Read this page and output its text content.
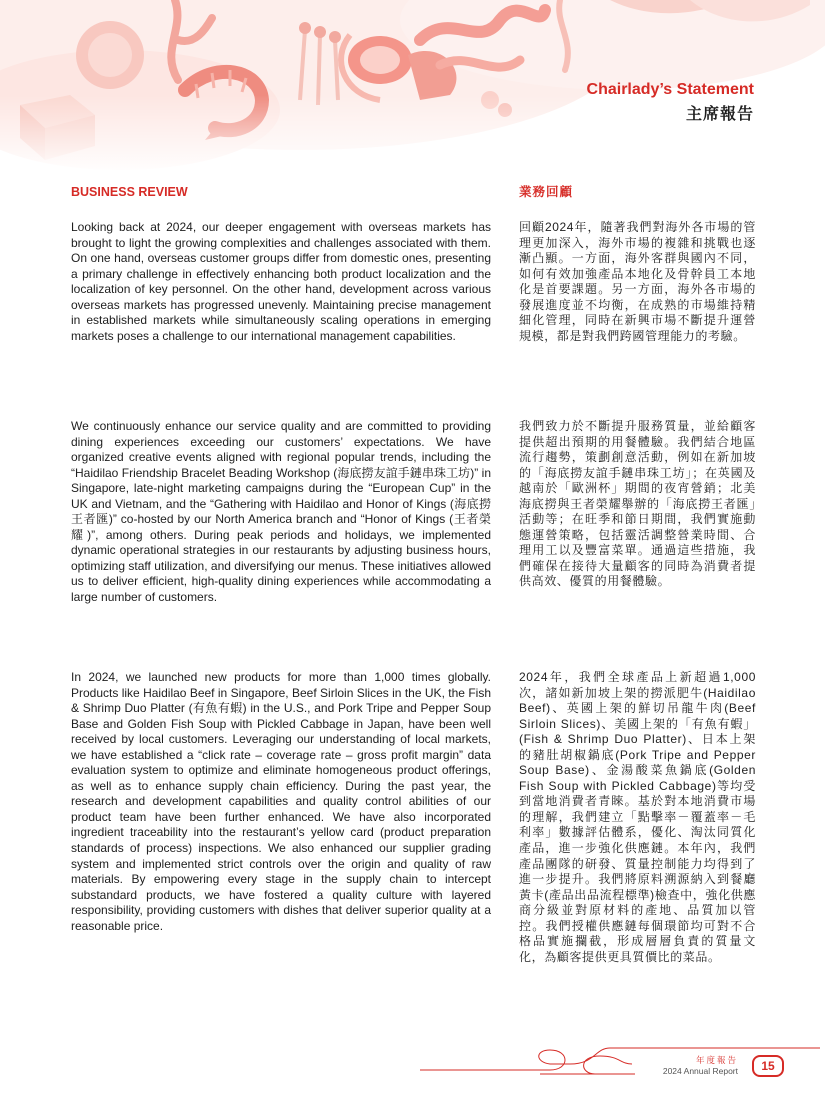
Chairlady’s Statement
主席報告
BUSINESS REVIEW

Looking back at 2024, our deeper engagement with overseas markets has brought to light the growing complexities and challenges associated with them. On one hand, overseas customer groups differ from domestic ones, presenting a primary challenge in effectively enhancing both product localization and the localization of key personnel. On the other hand, development across various overseas markets has progressed unevenly. Maintaining precise management in established markets while simultaneously scaling operations in emerging markets poses a challenge to our international management capabilities.

We continuously enhance our service quality and are committed to providing dining experiences exceeding our customers’ expectations. We have organized creative events aligned with regional popular trends, including the “Haidilao Friendship Bracelet Beading Workshop (海底撈友誼手鏈串珠工坊)” in Singapore, late-night marketing campaigns during the “European Cup” in the UK and Vietnam, and the “Gathering with Haidilao and Honor of Kings (海底撈王者匯)” co-hosted by our North America branch and “Honor of Kings (王者榮耀)”, among others. During peak periods and holidays, we implemented dynamic operational strategies in our restaurants by adjusting business hours, optimizing staff utilization, and diversifying our menus. These initiatives allowed us to deliver efficient, high-quality dining experiences while accommodating a large number of customers.

In 2024, we launched new products for more than 1,000 times globally. Products like Haidilao Beef in Singapore, Beef Sirloin Slices in the UK, the Fish & Shrimp Duo Platter (有魚有蝦) in the U.S., and Pork Tripe and Pepper Soup Base and Golden Fish Soup with Pickled Cabbage in Japan, have been well received by local customers. Leveraging our understanding of local markets, we have established a “click rate – coverage rate – gross profit margin” data evaluation system to optimize and eliminate homogeneous product offerings, as well as to enhance supply chain efficiency. During the past year, the research and development capabilities and quality control abilities of our product team have been further enhanced. We have also incorporated ingredient traceability into the restaurant’s yellow card (product preparation standards of process) inspections. We also enhanced our supplier grading system and implemented strict controls over the origin and quality of raw materials. By empowering every stage in the supply chain to intercept substandard products, we have fostered a quality culture with layered responsibility, providing customers with dishes that deliver superior quality at a reasonable price.

業務回顧

回顧2024年，隨著我們對海外各市場的管理更加深入，海外市場的複雜和挑戰也逐漸凸顯。一方面，海外客群與國內不同，如何有效加強產品本地化及骨幹員工本地化是首要課題。另一方面，海外各市場的發展進度並不均衡，在成熟的市場維持精細化管理，同時在新興市場不斷提升運營規模，都是對我們跨國管理能力的考驗。

我們致力於不斷提升服務質量，並給顧客提供超出預期的用餐體驗。我們結合地區流行趨勢，策劃創意活動，例如在新加坡的「海底撈友誼手鏈串珠工坊」；在英國及越南於「歐洲杯」期間的夜宵營銷；北美海底撈與王者榮耀舉辦的「海底撈王者匯」活動等；在旺季和節日期間，我們實施動態運營策略，包括靈活調整營業時間、合理用工以及豐富菜單。通過這些措施，我們確保在接待大量顧客的同時為消費者提供高效、優質的用餐體驗。

2024年，我們全球產品上新超過1,000次，諸如新加坡上架的撈派肥牛(Haidilao Beef)、英國上架的鮮切吊龍牛肉(Beef Sirloin Slices)、美國上架的「有魚有蝦」(Fish & Shrimp Duo Platter)、日本上架的豬肚胡椒鍋底(Pork Tripe and Pepper Soup Base)、金湯酸菜魚鍋底(Golden Fish Soup with Pickled Cabbage)等均受到當地消費者青睞。基於對本地消費市場的理解，我們建立「點擊率－覆蓋率－毛利率」數據評估體系，優化、淘汰同質化產品，進一步強化供應鏈。本年內，我們產品團隊的研發、質量控制能力均得到了進一步提升。我們將原料溯源納入到餐廳黃卡(產品出品流程標準)檢查中，強化供應商分級並對原材料的產地、品質加以管控。我們授權供應鏈每個環節均可對不合格品實施攔截，形成層層負責的質量文化，為顧客提供更具質價比的菜品。

年度報告
2024 Annual Report	15
